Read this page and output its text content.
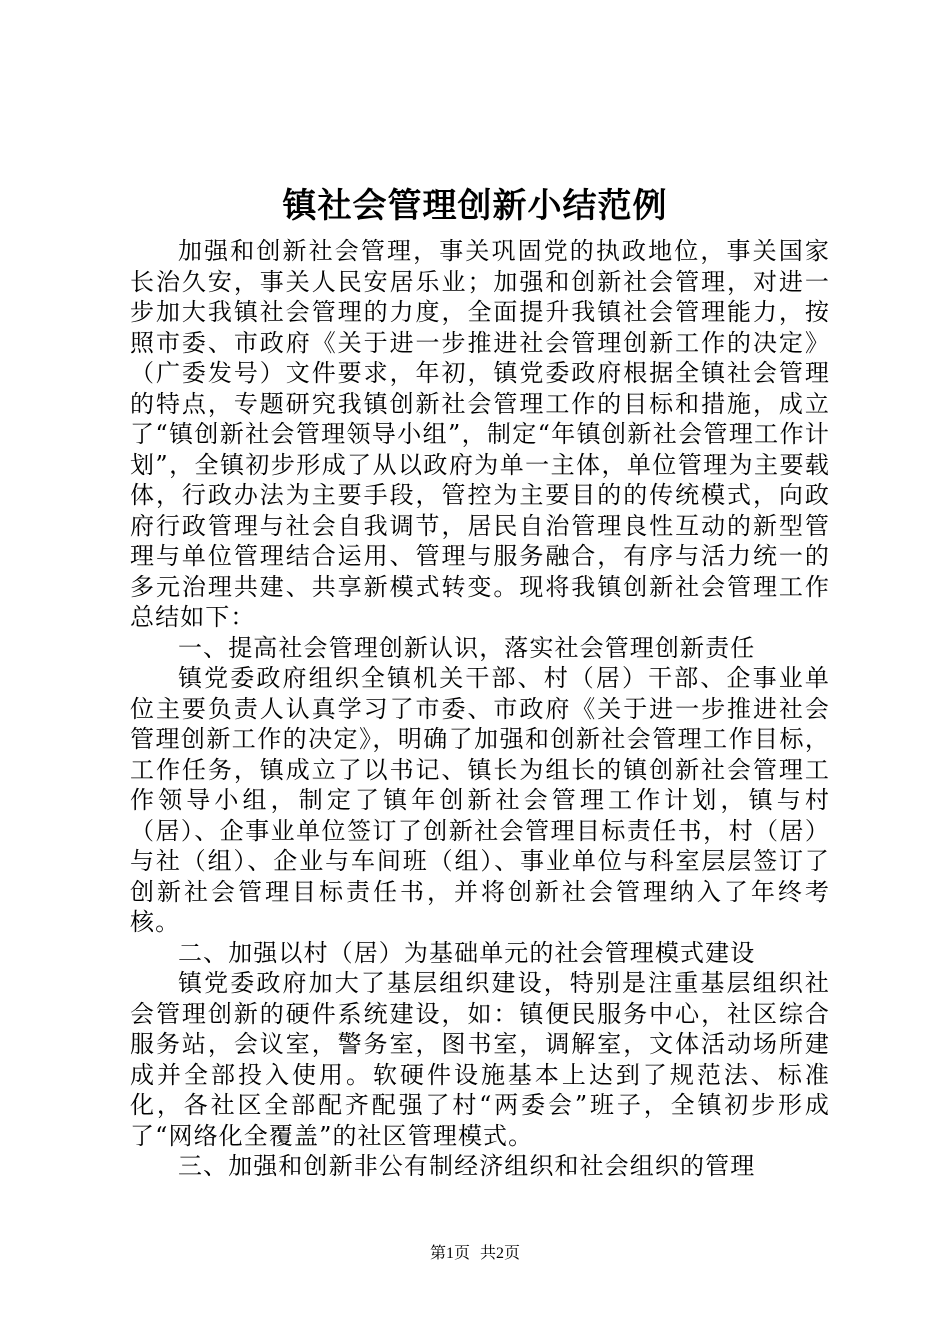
镇社会管理创新小结范例

加强和创新社会管理，事关巩固党的执政地位，事关国家长治久安，事关人民安居乐业；加强和创新社会管理，对进一步加大我镇社会管理的力度，全面提升我镇社会管理能力，按照市委、市政府《关于进一步推进社会管理创新工作的决定》（广委发号）文件要求，年初，镇党委政府根据全镇社会管理的特点，专题研究我镇创新社会管理工作的目标和措施，成立了“镇创新社会管理领导小组”，制定“年镇创新社会管理工作计划”，全镇初步形成了从以政府为单一主体，单位管理为主要载体，行政办法为主要手段，管控为主要目的的传统模式，向政府行政管理与社会自我调节，居民自治管理良性互动的新型管理与单位管理结合运用、管理与服务融合，有序与活力统一的多元治理共建、共享新模式转变。现将我镇创新社会管理工作总结如下：

一、提高社会管理创新认识，落实社会管理创新责任

镇党委政府组织全镇机关干部、村（居）干部、企事业单位主要负责人认真学习了市委、市政府《关于进一步推进社会管理创新工作的决定》，明确了加强和创新社会管理工作目标，工作任务，镇成立了以书记、镇长为组长的镇创新社会管理工作领导小组，制定了镇年创新社会管理工作计划，镇与村（居）、企事业单位签订了创新社会管理目标责任书，村（居）与社（组）、企业与车间班（组）、事业单位与科室层层签订了创新社会管理目标责任书，并将创新社会管理纳入了年终考核。

二、加强以村（居）为基础单元的社会管理模式建设

镇党委政府加大了基层组织建设，特别是注重基层组织社会管理创新的硬件系统建设，如：镇便民服务中心，社区综合服务站，会议室，警务室，图书室，调解室，文体活动场所建成并全部投入使用。软硬件设施基本上达到了规范法、标准化，各社区全部配齐配强了村“两委会”班子，全镇初步形成了“网络化全覆盖”的社区管理模式。

三、加强和创新非公有制经济组织和社会组织的管理

第1页 共2页
